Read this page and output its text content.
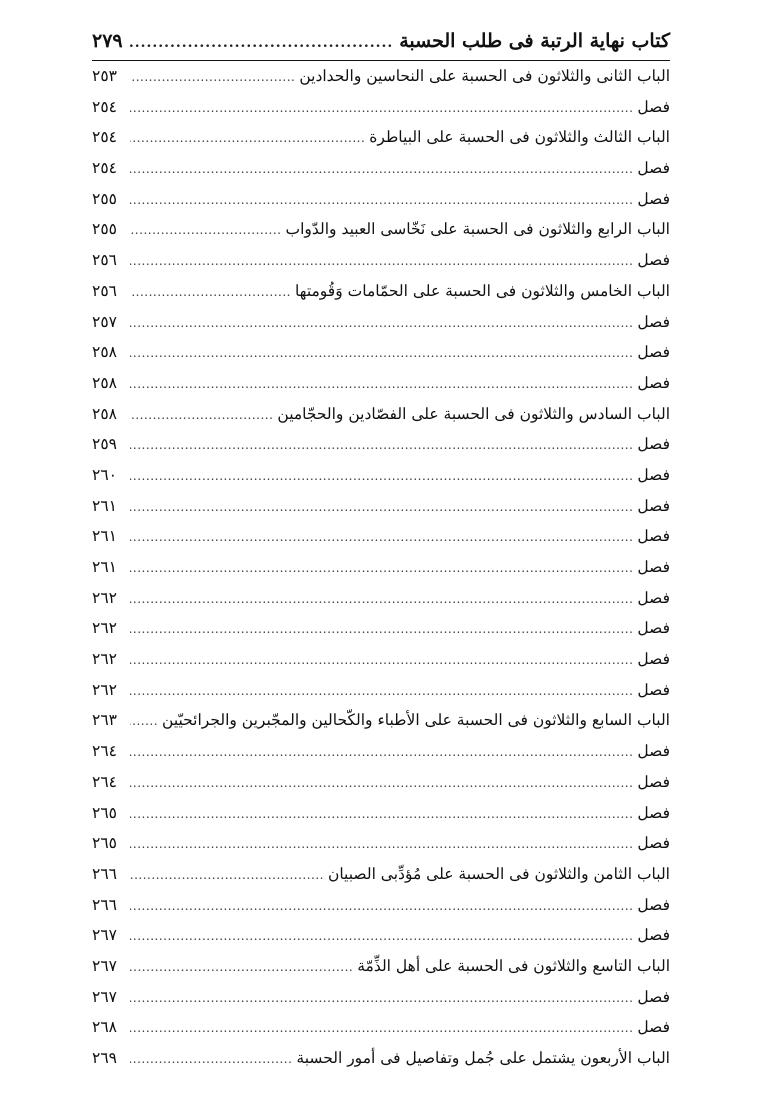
كتاب نهاية الرتبة فى طلب الحسبة
.....
٢٧٩
الباب الثانى والثلاثون فى الحسبة على النحاسين والحدادين
.....
٢٥٣
فصل
.....
٢٥٤
الباب الثالث والثلاثون فى الحسبة على البياطرة
.....
٢٥٤
فصل
.....
٢٥٤
فصل
.....
٢٥٥
الباب الرابع والثلاثون فى الحسبة على نَخّاسى العبيد والدّواب
.....
٢٥٥
فصل
.....
٢٥٦
الباب الخامس والثلاثون فى الحسبة على الحمّامات وَقُومتها
.....
٢٥٦
فصل
.....
٢٥٧
فصل
.....
٢٥٨
فصل
.....
٢٥٨
الباب السادس والثلاثون فى الحسبة على الفصّادين والحجّامين
.....
٢٥٨
فصل
.....
٢٥٩
فصل
.....
٢٦٠
فصل
.....
٢٦١
فصل
.....
٢٦١
فصل
.....
٢٦١
فصل
.....
٢٦٢
فصل
.....
٢٦٢
فصل
.....
٢٦٢
فصل
.....
٢٦٢
الباب السابع والثلاثون فى الحسبة على الأطباء والكّحالين والمجّبرين والجرائحيّين
.....
٢٦٣
فصل
.....
٢٦٤
فصل
.....
٢٦٤
فصل
.....
٢٦٥
فصل
.....
٢٦٥
الباب الثامن والثلاثون فى الحسبة على مُؤدِّبى الصبيان
.....
٢٦٦
فصل
.....
٢٦٦
فصل
.....
٢٦٧
الباب التاسع والثلاثون فى الحسبة على أهل الذِّمّة
.....
٢٦٧
فصل
.....
٢٦٧
فصل
.....
٢٦٨
الباب الأربعون يشتمل على جُمل وتفاصيل فى أمور الحسبة
.....
٢٦٩
